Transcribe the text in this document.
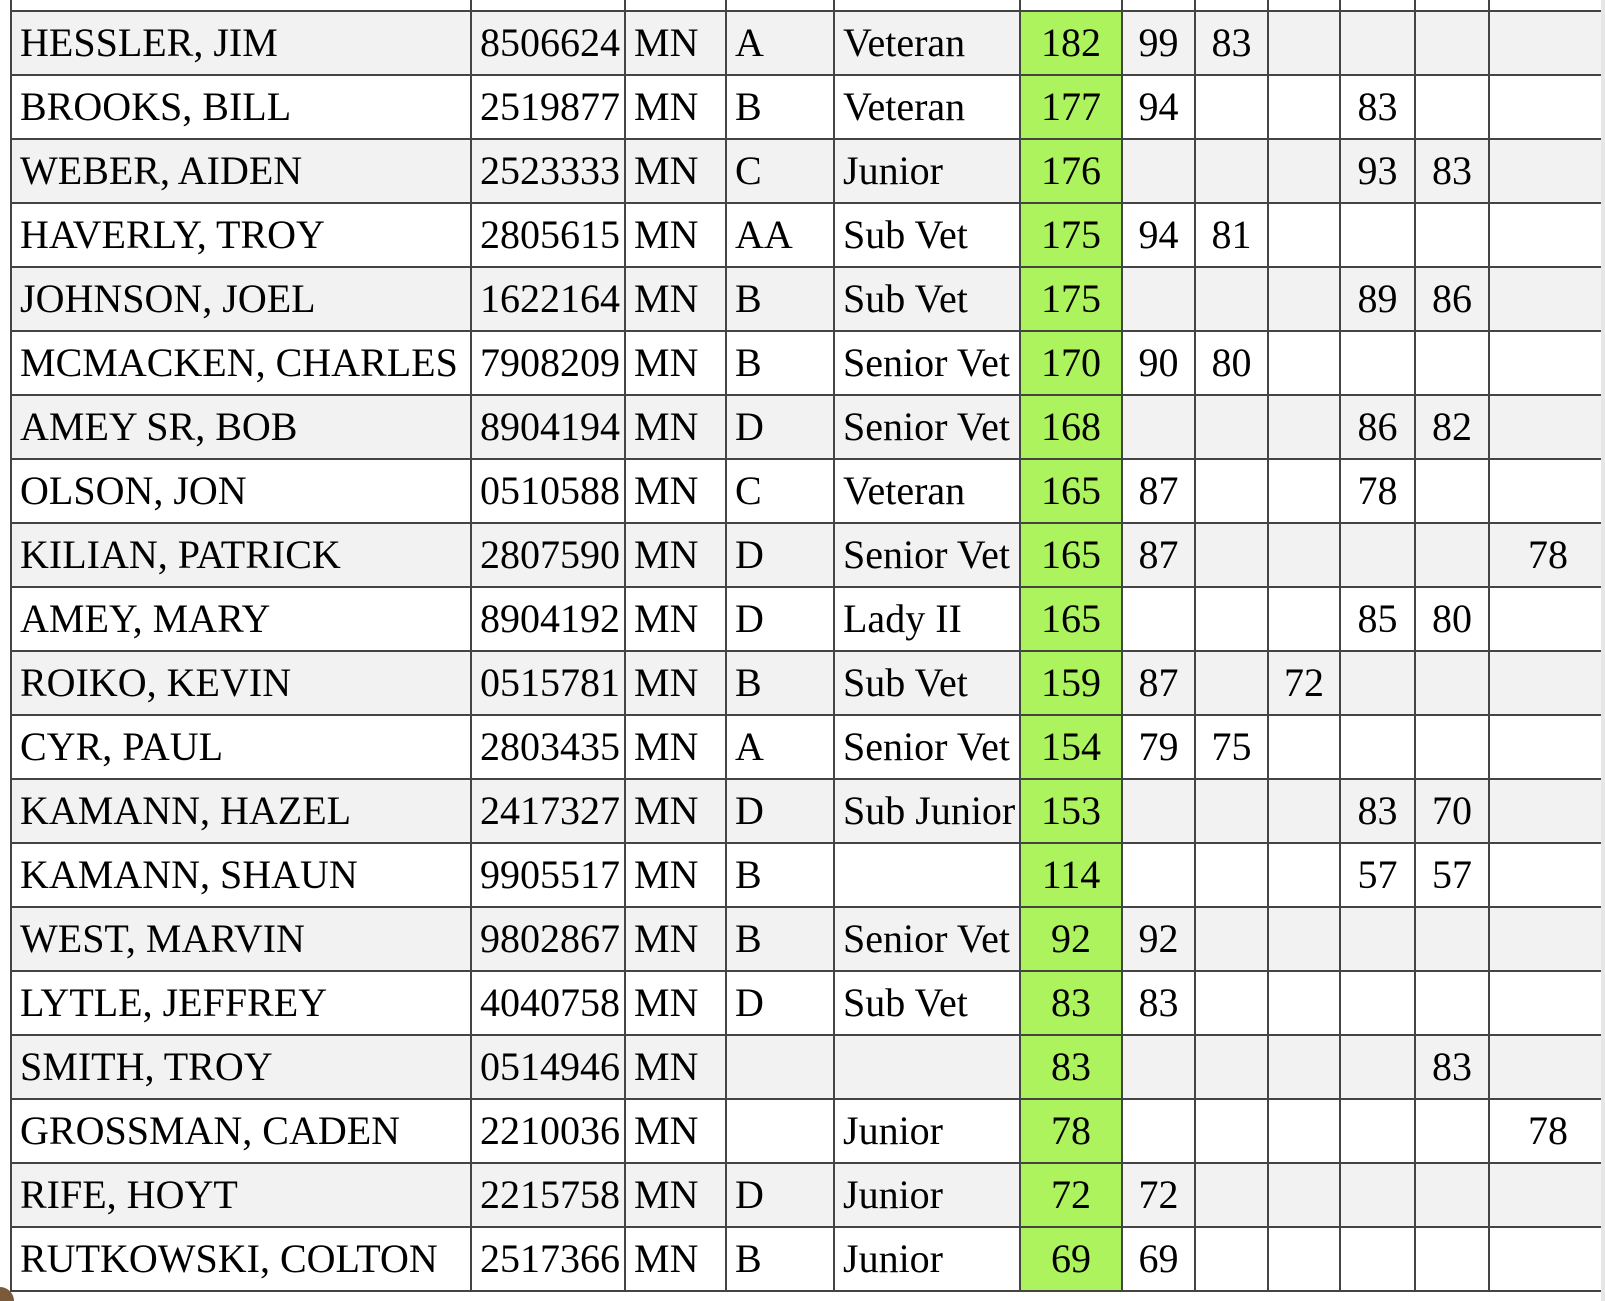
HESSLER, JIM	8506624	MN	A	Veteran	182	99	83				
BROOKS, BILL	2519877	MN	B	Veteran	177	94			83		
WEBER, AIDEN	2523333	MN	C	Junior	176				93	83	
HAVERLY, TROY	2805615	MN	AA	Sub Vet	175	94	81				
JOHNSON, JOEL	1622164	MN	B	Sub Vet	175				89	86	
MCMACKEN, CHARLES	7908209	MN	B	Senior Vet	170	90	80				
AMEY SR, BOB	8904194	MN	D	Senior Vet	168				86	82	
OLSON, JON	0510588	MN	C	Veteran	165	87			78		
KILIAN, PATRICK	2807590	MN	D	Senior Vet	165	87					78
AMEY, MARY	8904192	MN	D	Lady II	165				85	80	
ROIKO, KEVIN	0515781	MN	B	Sub Vet	159	87		72			
CYR, PAUL	2803435	MN	A	Senior Vet	154	79	75				
KAMANN, HAZEL	2417327	MN	D	Sub Junior	153				83	70	
KAMANN, SHAUN	9905517	MN	B		114				57	57	
WEST, MARVIN	9802867	MN	B	Senior Vet	92	92					
LYTLE, JEFFREY	4040758	MN	D	Sub Vet	83	83					
SMITH, TROY	0514946	MN			83					83	
GROSSMAN, CADEN	2210036	MN		Junior	78						78
RIFE, HOYT	2215758	MN	D	Junior	72	72					
RUTKOWSKI, COLTON	2517366	MN	B	Junior	69	69					
